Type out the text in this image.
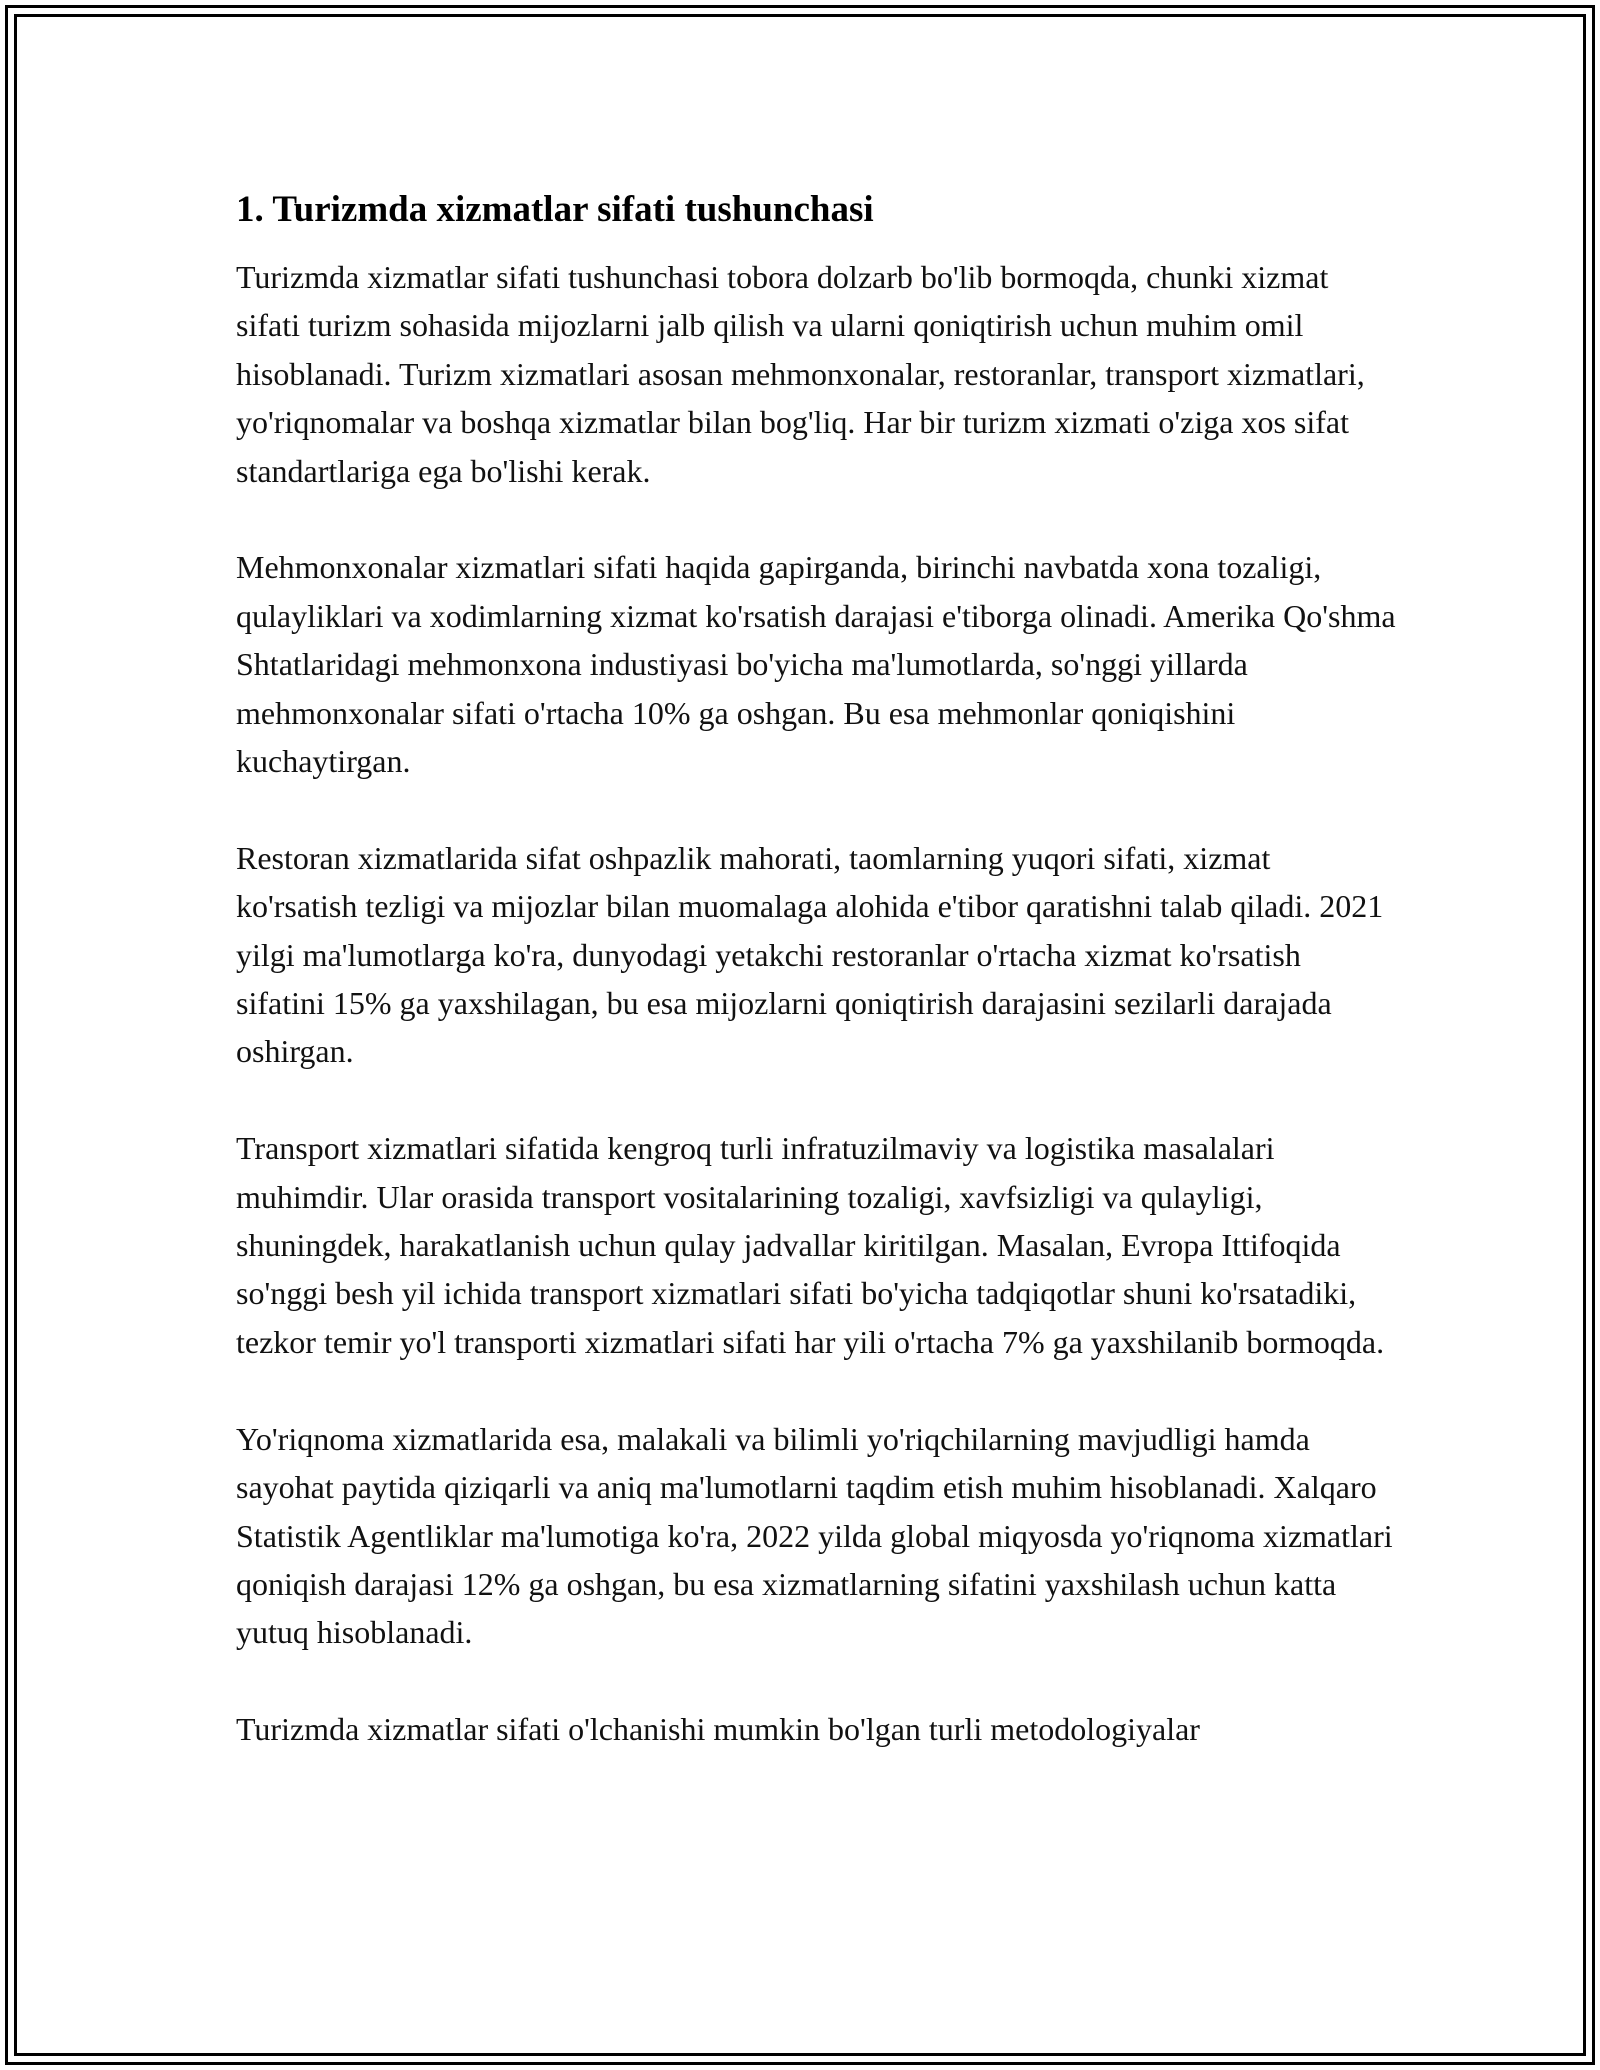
1. Turizmda xizmatlar sifati tushunchasi

Turizmda xizmatlar sifati tushunchasi tobora dolzarb bo'lib bormoqda, chunki xizmat sifati turizm sohasida mijozlarni jalb qilish va ularni qoniqtirish uchun muhim omil hisoblanadi. Turizm xizmatlari asosan mehmonxonalar, restoranlar, transport xizmatlari, yo'riqnomalar va boshqa xizmatlar bilan bog'liq. Har bir turizm xizmati o'ziga xos sifat standartlariga ega bo'lishi kerak.

Mehmonxonalar xizmatlari sifati haqida gapirganda, birinchi navbatda xona tozaligi, qulayliklari va xodimlarning xizmat ko'rsatish darajasi e'tiborga olinadi. Amerika Qo'shma Shtatlaridagi mehmonxona industiyasi bo'yicha ma'lumotlarda, so'nggi yillarda mehmonxonalar sifati o'rtacha 10% ga oshgan. Bu esa mehmonlar qoniqishini kuchaytirgan.

Restoran xizmatlarida sifat oshpazlik mahorati, taomlarning yuqori sifati, xizmat ko'rsatish tezligi va mijozlar bilan muomalaga alohida e'tibor qaratishni talab qiladi. 2021 yilgi ma'lumotlarga ko'ra, dunyodagi yetakchi restoranlar o'rtacha xizmat ko'rsatish sifatini 15% ga yaxshilagan, bu esa mijozlarni qoniqtirish darajasini sezilarli darajada oshirgan.

Transport xizmatlari sifatida kengroq turli infratuzilmaviy va logistika masalalari muhimdir. Ular orasida transport vositalarining tozaligi, xavfsizligi va qulayligi, shuningdek, harakatlanish uchun qulay jadvallar kiritilgan. Masalan, Evropa Ittifoqida so'nggi besh yil ichida transport xizmatlari sifati bo'yicha tadqiqotlar shuni ko'rsatadiki, tezkor temir yo'l transporti xizmatlari sifati har yili o'rtacha 7% ga yaxshilanib bormoqda.

Yo'riqnoma xizmatlarida esa, malakali va bilimli yo'riqchilarning mavjudligi hamda sayohat paytida qiziqarli va aniq ma'lumotlarni taqdim etish muhim hisoblanadi. Xalqaro Statistik Agentliklar ma'lumotiga ko'ra, 2022 yilda global miqyosda yo'riqnoma xizmatlari qoniqish darajasi 12% ga oshgan, bu esa xizmatlarning sifatini yaxshilash uchun katta yutuq hisoblanadi.

Turizmda xizmatlar sifati o'lchanishi mumkin bo'lgan turli metodologiyalar
